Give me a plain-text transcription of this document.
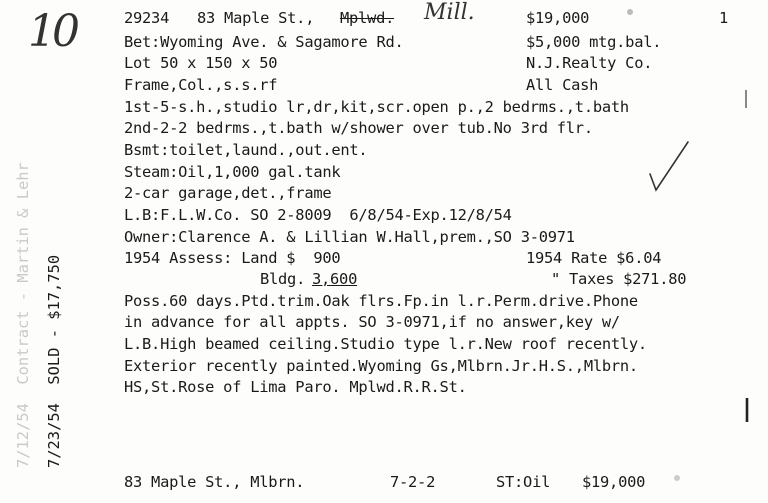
10	29234 83 Maple St., Mplwd. Mill.	$19,000	1
Bet:Wyoming Ave. & Sagamore Rd.	$5,000 mtg.bal.
Lot 50 x 150 x 50	N.J.Realty Co.
Frame,Col.,s.s.rf	All Cash
1st-5-s.h.,studio lr,dr,kit,scr.open p.,2 bedrms.,t.bath
2nd-2-2 bedrms.,t.bath w/shower over tub.No 3rd flr.
Bsmt:toilet,laund.,out.ent.
Steam:Oil,1,000 gal.tank
2-car garage,det.,frame
L.B:F.L.W.Co. SO 2-8009  6/8/54-Exp.12/8/54
Owner:Clarence A. & Lillian W.Hall,prem.,SO 3-0971
1954 Assess: Land $  900	1954 Rate $6.04
Bldg. 3,600	" Taxes $271.80
Poss.60 days.Ptd.trim.Oak flrs.Fp.in l.r.Perm.drive.Phone
in advance for all appts. SO 3-0971,if no answer,key w/
L.B.High beamed ceiling.Studio type l.r.New roof recently.
Exterior recently painted.Wyoming Gs,Mlbrn.Jr.H.S.,Mlbrn.
HS,St.Rose of Lima Paro. Mplwd.R.R.St.
83 Maple St., Mlbrn.	7-2-2	ST:Oil $19,000
7/12/54  Contract - Martin & Lehr 7/23/54  SOLD - $17,750
